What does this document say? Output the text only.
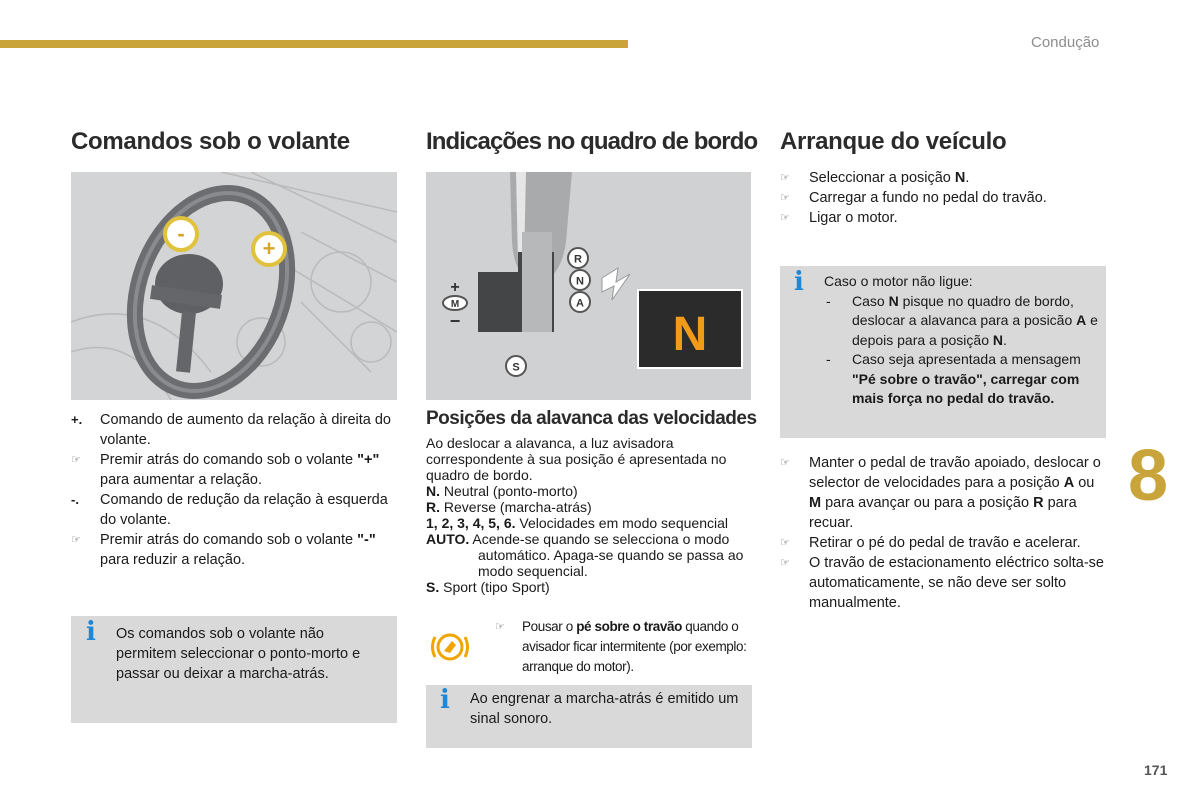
Condução
Comandos sob o volante
-
+
+. Comando de aumento da relação à direita do volante.
☞ Premir atrás do comando sob o volante "+" para aumentar a relação.
-. Comando de redução da relação à esquerda do volante.
☞ Premir atrás do comando sob o volante "-" para reduzir a relação.
i Os comandos sob o volante não permitem seleccionar o ponto-morto e passar ou deixar a marcha-atrás.
Indicações no quadro de bordo
R
N
A
S
+
M
−	N
Posições da alavanca das velocidades
Ao deslocar a alavanca, a luz avisadora correspondente à sua posição é apresentada no quadro de bordo.
N. Neutral (ponto-morto)
R. Reverse (marcha-atrás)
1, 2, 3, 4, 5, 6. Velocidades em modo sequencial
AUTO. Acende-se quando se selecciona o modo automático. Apaga-se quando se passa ao modo sequencial.
S. Sport (tipo Sport)
☞	Pousar o pé sobre o travão quando o avisador ficar intermitente (por exemplo: arranque do motor).
i Ao engrenar a marcha-atrás é emitido um sinal sonoro.
Arranque do veículo
☞ Seleccionar a posição N.
☞ Carregar a fundo no pedal do travão.
☞ Ligar o motor.
i Caso o motor não ligue:
- Caso N pisque no quadro de bordo, deslocar a alavanca para a posicão A e depois para a posição N.
- Caso seja apresentada a mensagem "Pé sobre o travão", carregar com mais força no pedal do travão.
☞ Manter o pedal de travão apoiado, deslocar o selector de velocidades para a posição A ou M para avançar ou para a posição R para recuar.
☞ Retirar o pé do pedal de travão e acelerar.
☞ O travão de estacionamento eléctrico solta-se automaticamente, se não deve ser solto manualmente.
8
171
